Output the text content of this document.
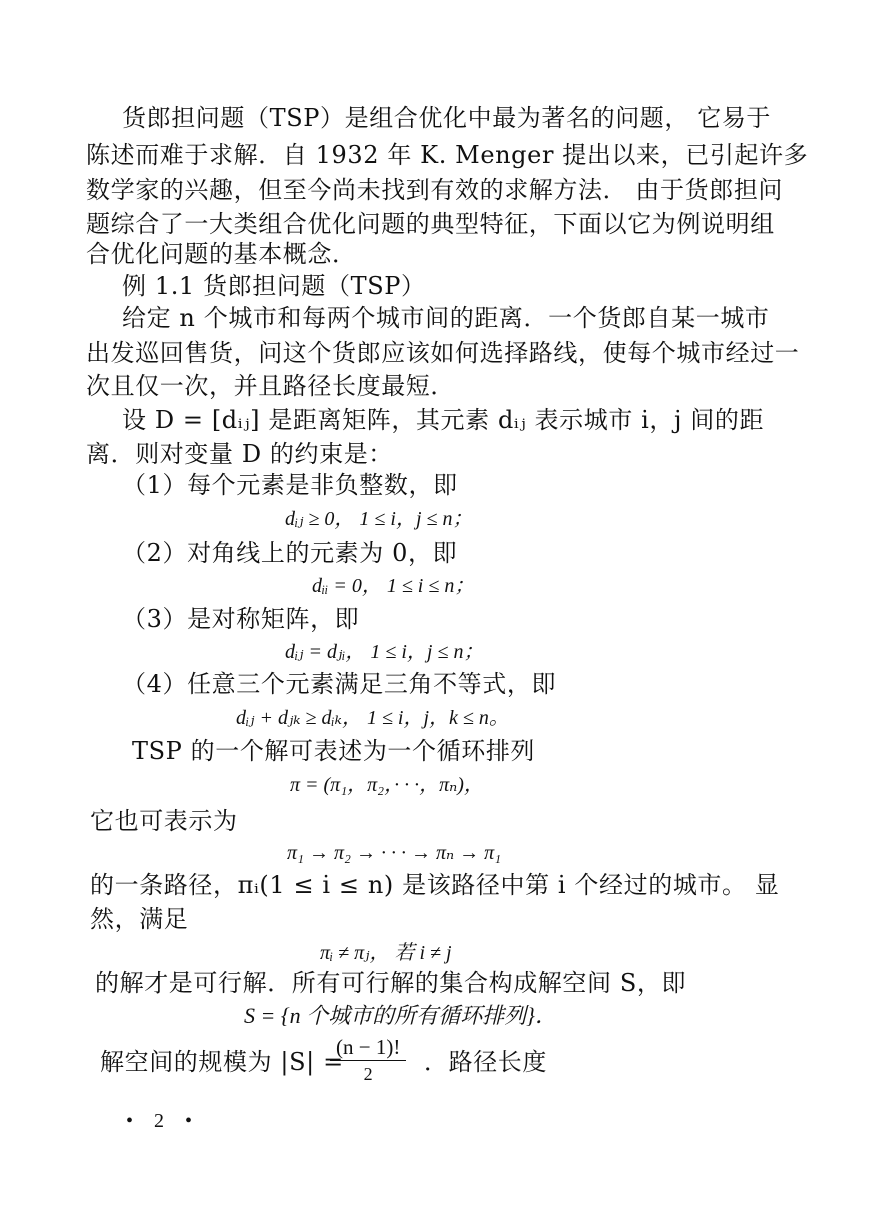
货郎担问题（TSP）是组合优化中最为著名的问题， 它易于
陈述而难于求解．自 1932 年 K. Menger 提出以来，已引起许多
数学家的兴趣，但至今尚未找到有效的求解方法． 由于货郎担问
题综合了一大类组合优化问题的典型特征，下面以它为例说明组
合优化问题的基本概念．
例 1.1 货郎担问题（TSP）
给定 n 个城市和每两个城市间的距离．一个货郎自某一城市
出发巡回售货，问这个货郎应该如何选择路线，使每个城市经过一
次且仅一次，并且路径长度最短．
设 D = [dᵢⱼ] 是距离矩阵，其元素 dᵢⱼ 表示城市 i，j 间的距
离．则对变量 D 的约束是：
（1）每个元素是非负整数，即
dᵢⱼ ≥ 0， 1 ≤ i，j ≤ n；
（2）对角线上的元素为 0，即
dᵢᵢ = 0， 1 ≤ i ≤ n；
（3）是对称矩阵，即
dᵢⱼ = dⱼᵢ， 1 ≤ i，j ≤ n；
（4）任意三个元素满足三角不等式，即
dᵢⱼ + dⱼₖ ≥ dᵢₖ， 1 ≤ i，j，k ≤ n。
TSP 的一个解可表述为一个循环排列
π = (π₁，π₂，· · ·，πₙ)，
它也可表示为
π₁ → π₂ → · · · → πₙ → π₁
的一条路径，πᵢ(1 ≤ i ≤ n) 是该路径中第 i 个经过的城市。 显
然，满足
πᵢ ≠ πⱼ， 若 i ≠ j
的解才是可行解．所有可行解的集合构成解空间 S，即
S = {n 个城市的所有循环排列}．
解空间的规模为 |S| =
$\frac{(n - 1)!}{2}$ ．路径长度
• 2 •
